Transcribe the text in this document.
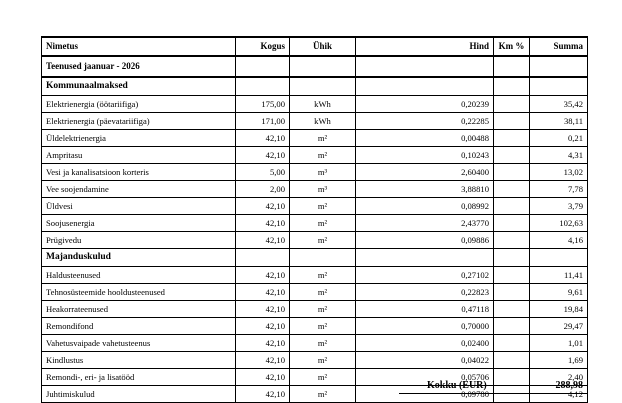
Nimetus	Kogus	Ühik	Hind	Km %	Summa
Teenused jaanuar - 2026					
Kommunaalmaksed					
Elektrienergia (öötariifiga)	175,00	kWh	0,20239		35,42
Elektrienergia (päevatariifiga)	171,00	kWh	0,22285		38,11
Üldelektrienergia	42,10	m²	0,00488		0,21
Ampritasu	42,10	m²	0,10243		4,31
Vesi ja kanalisatsioon korteris	5,00	m³	2,60400		13,02
Vee soojendamine	2,00	m³	3,88810		7,78
Üldvesi	42,10	m²	0,08992		3,79
Soojusenergia	42,10	m²	2,43770		102,63
Prügivedu	42,10	m²	0,09886		4,16
Majanduskulud					
Haldusteenused	42,10	m²	0,27102		11,41
Tehnosüsteemide hooldusteenused	42,10	m²	0,22823		9,61
Heakorrateenused	42,10	m²	0,47118		19,84
Remondifond	42,10	m²	0,70000		29,47
Vahetusvaipade vahetusteenus	42,10	m²	0,02400		1,01
Kindlustus	42,10	m²	0,04022		1,69
Remondi-, eri- ja lisatööd	42,10	m²	0,05706		2,40
Juhtimiskulud	42,10	m²	0,09780		4,12
Kokku (EUR)	288,98
